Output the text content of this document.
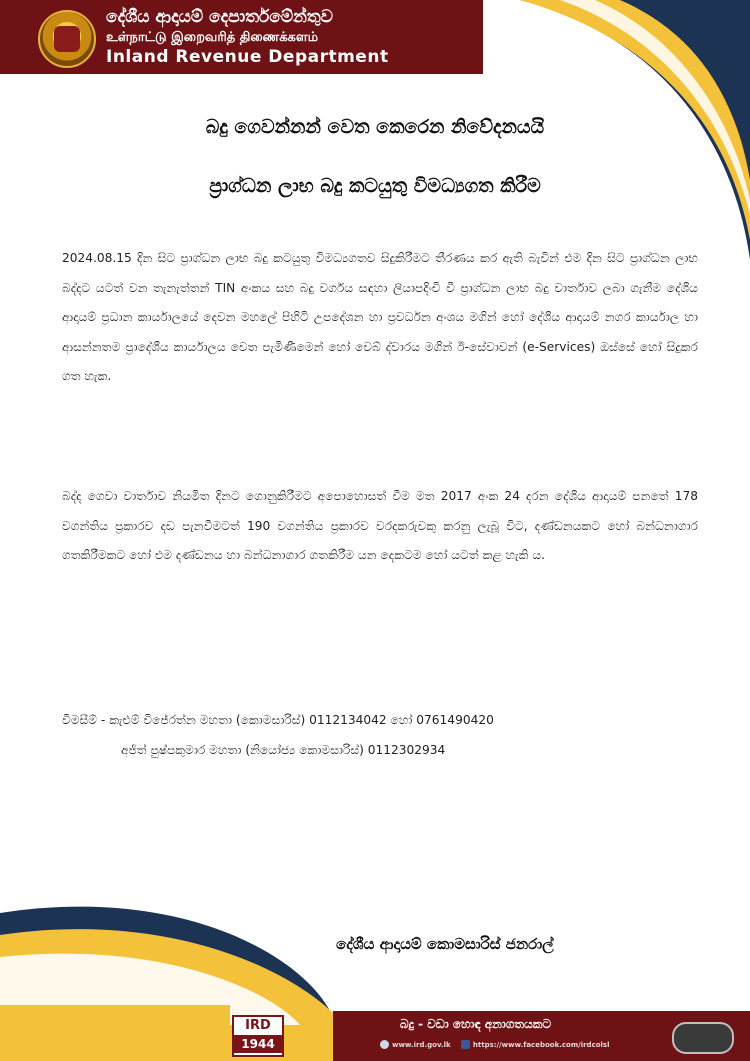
දේශීය ආදායම් දෙපාර්තමේන්තුව
உள்நாட்டு இறைவரித் திணைக்களம்
Inland Revenue Department
බදු ගෙවන්නන් වෙත කෙරෙන නිවේදනයයි
ප්‍රාග්ධන ලාභ බදු කටයුතු විමධ්‍යගත කිරීම
2024.08.15 දින සිට ප්‍රාග්ධන ලාභ බදු කටයුතු විමධ්‍යගතව සිදුකිරීමට තීරණය කර ඇති බැවින් එම දින සිට ප්‍රාග්ධන ලාභ බද්දට යටත් වන තැනැත්තන් TIN අංකය සහ බදු වර්ගය සඳහා ලියාපදිංචි වී ප්‍රාග්ධන ලාභ බදු වාර්තාව ලබා ගැනීම දේශීය ආදායම් ප්‍රධාන කාර්යාලයේ දෙවන මහලේ පිහිටි උපදේශන හා ප්‍රවර්ධන අංශය මගින් හෝ දේශීය ආදායම් නගර කාර්යාල හා ආසන්නතම ප්‍රාදේශීය කාර්යාලය වෙත පැමිණීමෙන් හෝ වෙබ් ද්වාරය මගින් ඊ-සේවාවන් (e-Services) ඔස්සේ හෝ සිදුකර ගත හැක.
බද්ද ගෙවා වාර්තාව නියමිත දිනට ගොනුකිරීමට අපොහොසත් වීම මත 2017 අංක 24 දරන දේශීය ආදායම් පනතේ 178 වගන්තිය ප්‍රකාරව දඩ පැනවීමටත් 190 වගන්තිය ප්‍රකාරව වරදකරුවකු කරනු ලැබූ විට, දණ්ඩනයකට හෝ බන්ධනාගාර ගතකිරීමකට හෝ එම දණ්ඩනය හා බන්ධනාගාර ගතකිරීම යන දෙකටම හෝ යටත් කළ හැකි ය.
විමසීම් - කැළුම් විජේරත්න මහතා (කොමසාරිස්) 0112134042 හෝ 0761490420
අජිත් පුෂ්පකුමාර මහතා (නියෝජ්‍ය කොමසාරිස්) 0112302934
දේශීය ආදායම් කොමසාරිස් ජනරාල්
IRD
1944
බදු - වඩා හොඳ අනාගතයකට
www.ird.gov.lk	https://www.facebook.com/irdcolsl
